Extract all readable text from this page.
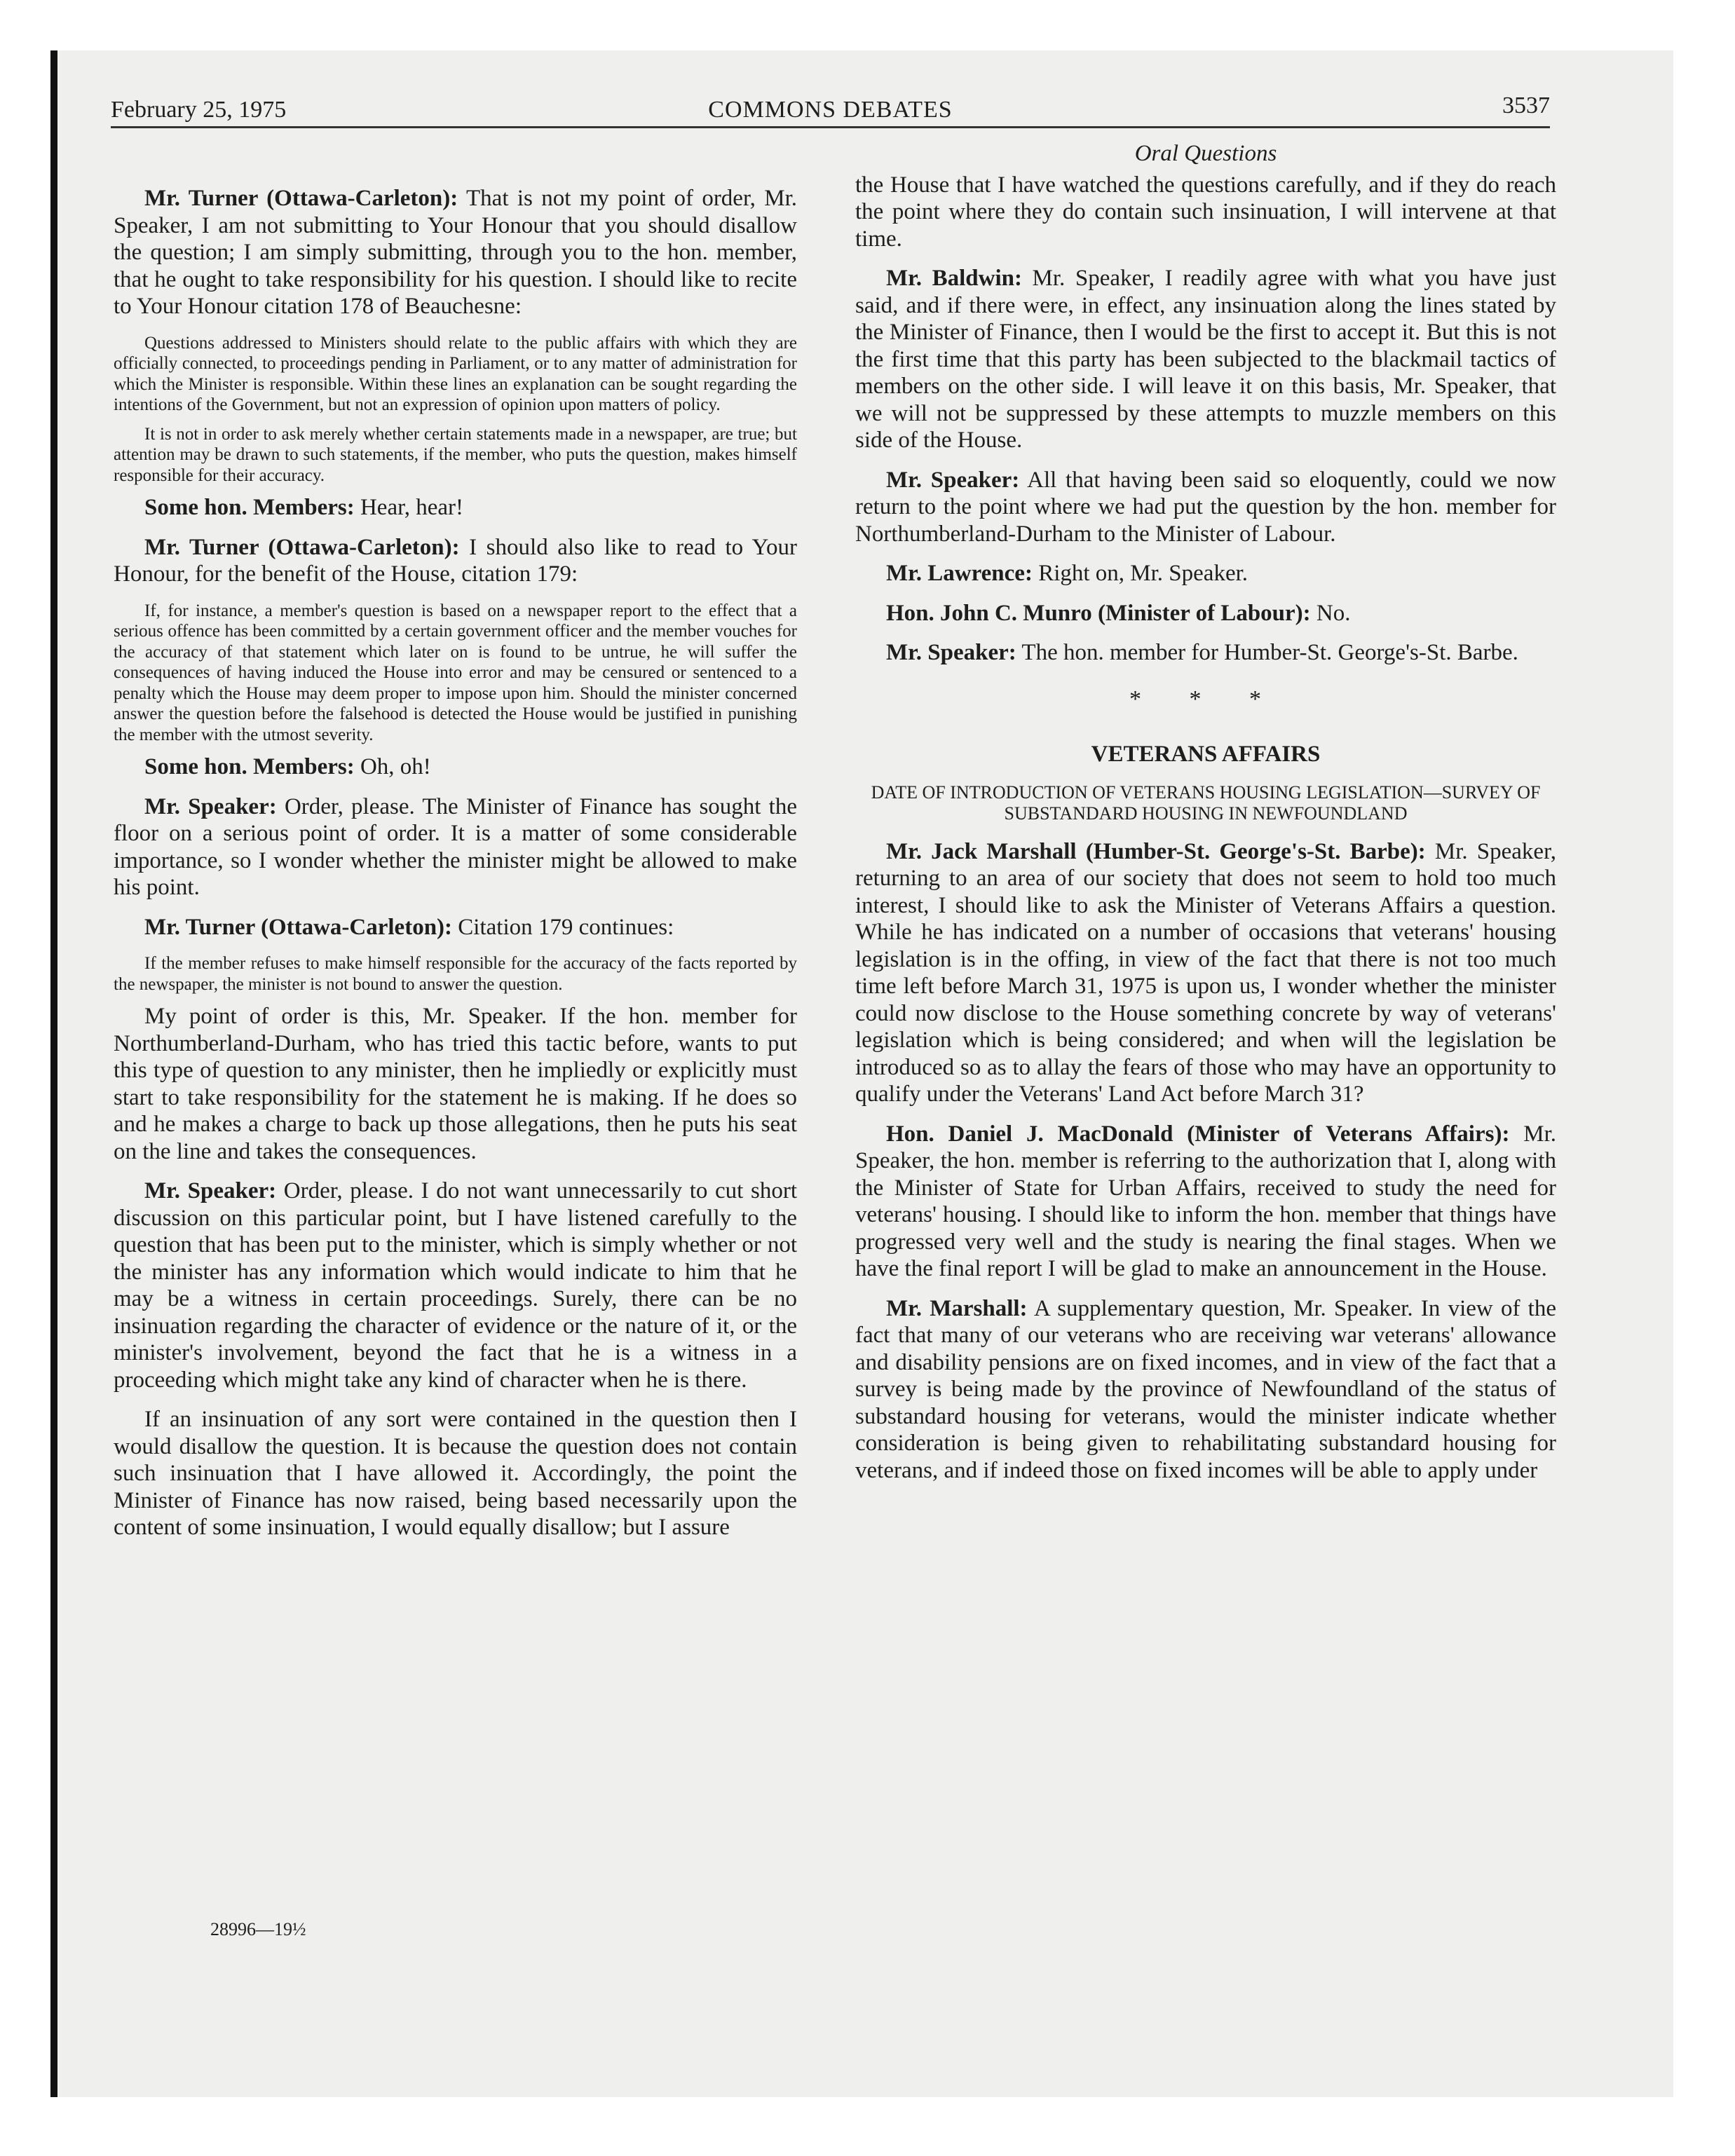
February 25, 1975	COMMONS DEBATES	3537

Mr. Turner (Ottawa-Carleton): That is not my point of order, Mr. Speaker, I am not submitting to Your Honour that you should disallow the question; I am simply submitting, through you to the hon. member, that he ought to take responsibility for his question. I should like to recite to Your Honour citation 178 of Beauchesne:

Questions addressed to Ministers should relate to the public affairs with which they are officially connected, to proceedings pending in Parliament, or to any matter of administration for which the Minister is responsible. Within these lines an explanation can be sought regarding the intentions of the Government, but not an expression of opinion upon matters of policy.

It is not in order to ask merely whether certain statements made in a newspaper, are true; but attention may be drawn to such statements, if the member, who puts the question, makes himself responsible for their accuracy.

Some hon. Members: Hear, hear!

Mr. Turner (Ottawa-Carleton): I should also like to read to Your Honour, for the benefit of the House, citation 179:

If, for instance, a member's question is based on a newspaper report to the effect that a serious offence has been committed by a certain government officer and the member vouches for the accuracy of that statement which later on is found to be untrue, he will suffer the consequences of having induced the House into error and may be censured or sentenced to a penalty which the House may deem proper to impose upon him. Should the minister concerned answer the question before the falsehood is detected the House would be justified in punishing the member with the utmost severity.

Some hon. Members: Oh, oh!

Mr. Speaker: Order, please. The Minister of Finance has sought the floor on a serious point of order. It is a matter of some considerable importance, so I wonder whether the minister might be allowed to make his point.

Mr. Turner (Ottawa-Carleton): Citation 179 continues:

If the member refuses to make himself responsible for the accuracy of the facts reported by the newspaper, the minister is not bound to answer the question.

My point of order is this, Mr. Speaker. If the hon. member for Northumberland-Durham, who has tried this tactic before, wants to put this type of question to any minister, then he impliedly or explicitly must start to take responsibility for the statement he is making. If he does so and he makes a charge to back up those allegations, then he puts his seat on the line and takes the consequences.

Mr. Speaker: Order, please. I do not want unnecessarily to cut short discussion on this particular point, but I have listened carefully to the question that has been put to the minister, which is simply whether or not the minister has any information which would indicate to him that he may be a witness in certain proceedings. Surely, there can be no insinuation regarding the character of evidence or the nature of it, or the minister's involvement, beyond the fact that he is a witness in a proceeding which might take any kind of character when he is there.

If an insinuation of any sort were contained in the question then I would disallow the question. It is because the question does not contain such insinuation that I have allowed it. Accordingly, the point the Minister of Finance has now raised, being based necessarily upon the content of some insinuation, I would equally disallow; but I assure

28996—19½

Oral Questions

the House that I have watched the questions carefully, and if they do reach the point where they do contain such insinuation, I will intervene at that time.

Mr. Baldwin: Mr. Speaker, I readily agree with what you have just said, and if there were, in effect, any insinuation along the lines stated by the Minister of Finance, then I would be the first to accept it. But this is not the first time that this party has been subjected to the blackmail tactics of members on the other side. I will leave it on this basis, Mr. Speaker, that we will not be suppressed by these attempts to muzzle members on this side of the House.

Mr. Speaker: All that having been said so eloquently, could we now return to the point where we had put the question by the hon. member for Northumberland-Durham to the Minister of Labour.

Mr. Lawrence: Right on, Mr. Speaker.

Hon. John C. Munro (Minister of Labour): No.

Mr. Speaker: The hon. member for Humber-St. George's-St. Barbe.

* * *

VETERANS AFFAIRS

DATE OF INTRODUCTION OF VETERANS HOUSING LEGISLATION—SURVEY OF SUBSTANDARD HOUSING IN NEWFOUNDLAND

Mr. Jack Marshall (Humber-St. George's-St. Barbe): Mr. Speaker, returning to an area of our society that does not seem to hold too much interest, I should like to ask the Minister of Veterans Affairs a question. While he has indicated on a number of occasions that veterans' housing legislation is in the offing, in view of the fact that there is not too much time left before March 31, 1975 is upon us, I wonder whether the minister could now disclose to the House something concrete by way of veterans' legislation which is being considered; and when will the legislation be introduced so as to allay the fears of those who may have an opportunity to qualify under the Veterans' Land Act before March 31?

Hon. Daniel J. MacDonald (Minister of Veterans Affairs): Mr. Speaker, the hon. member is referring to the authorization that I, along with the Minister of State for Urban Affairs, received to study the need for veterans' housing. I should like to inform the hon. member that things have progressed very well and the study is nearing the final stages. When we have the final report I will be glad to make an announcement in the House.

Mr. Marshall: A supplementary question, Mr. Speaker. In view of the fact that many of our veterans who are receiving war veterans' allowance and disability pensions are on fixed incomes, and in view of the fact that a survey is being made by the province of Newfoundland of the status of substandard housing for veterans, would the minister indicate whether consideration is being given to rehabilitating substandard housing for veterans, and if indeed those on fixed incomes will be able to apply under
